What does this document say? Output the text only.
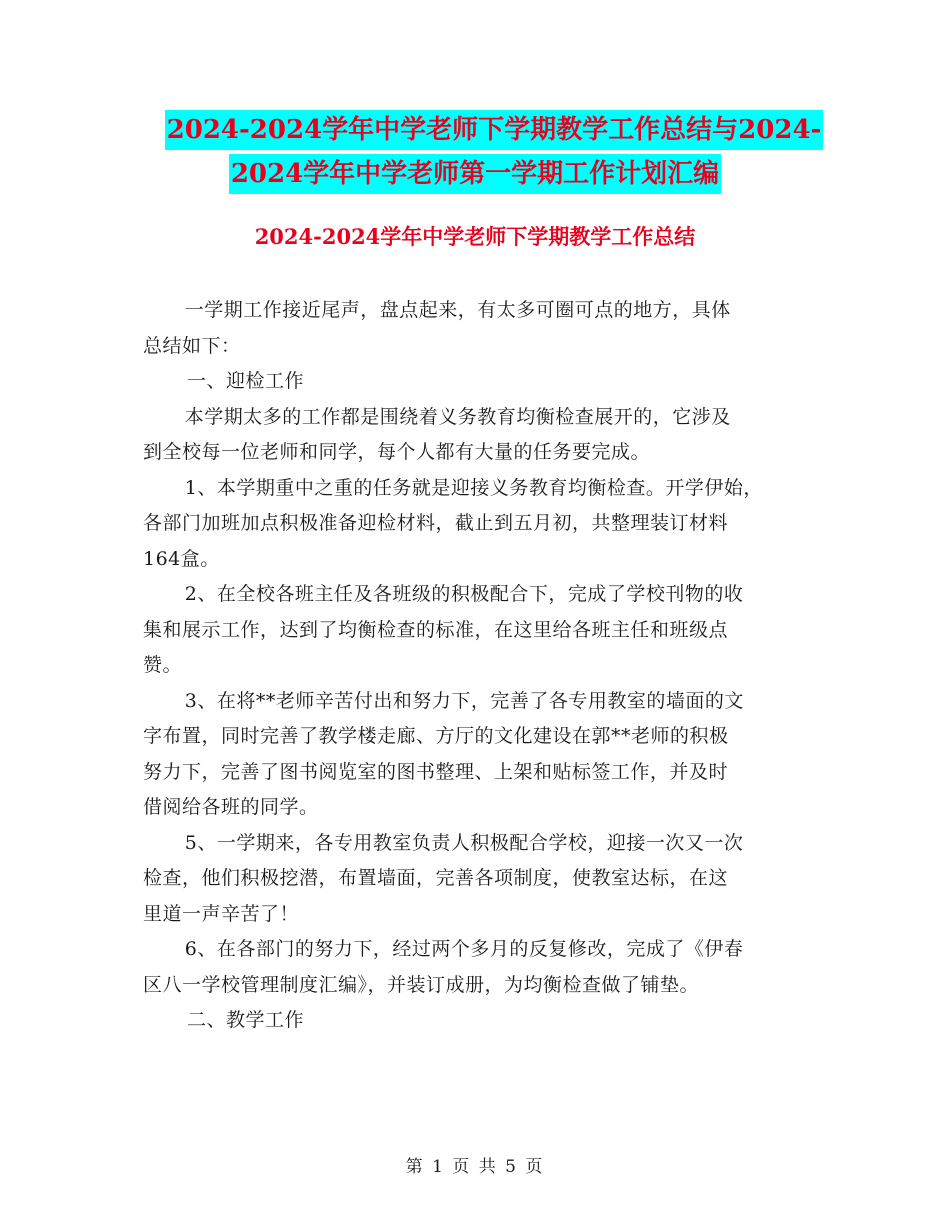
2024-2024学年中学老师下学期教学工作总结与2024-
2024学年中学老师第一学期工作计划汇编
2024-2024学年中学老师下学期教学工作总结

一学期工作接近尾声，盘点起来，有太多可圈可点的地方，具体
总结如下：

一、迎检工作

本学期太多的工作都是围绕着义务教育均衡检查展开的，它涉及
到全校每一位老师和同学，每个人都有大量的任务要完成。

1、本学期重中之重的任务就是迎接义务教育均衡检查。开学伊始，
各部门加班加点积极准备迎检材料，截止到五月初，共整理装订材料
164盒。

2、在全校各班主任及各班级的积极配合下，完成了学校刊物的收
集和展示工作，达到了均衡检查的标准，在这里给各班主任和班级点
赞。

3、在将**老师辛苦付出和努力下，完善了各专用教室的墙面的文
字布置，同时完善了教学楼走廊、方厅的文化建设在郭**老师的积极
努力下，完善了图书阅览室的图书整理、上架和贴标签工作，并及时
借阅给各班的同学。

5、一学期来，各专用教室负责人积极配合学校，迎接一次又一次
检查，他们积极挖潜，布置墙面，完善各项制度，使教室达标，在这
里道一声辛苦了！

6、在各部门的努力下，经过两个多月的反复修改，完成了《伊春
区八一学校管理制度汇编》，并装订成册，为均衡检查做了铺垫。

二、教学工作

第 1 页 共 5 页
